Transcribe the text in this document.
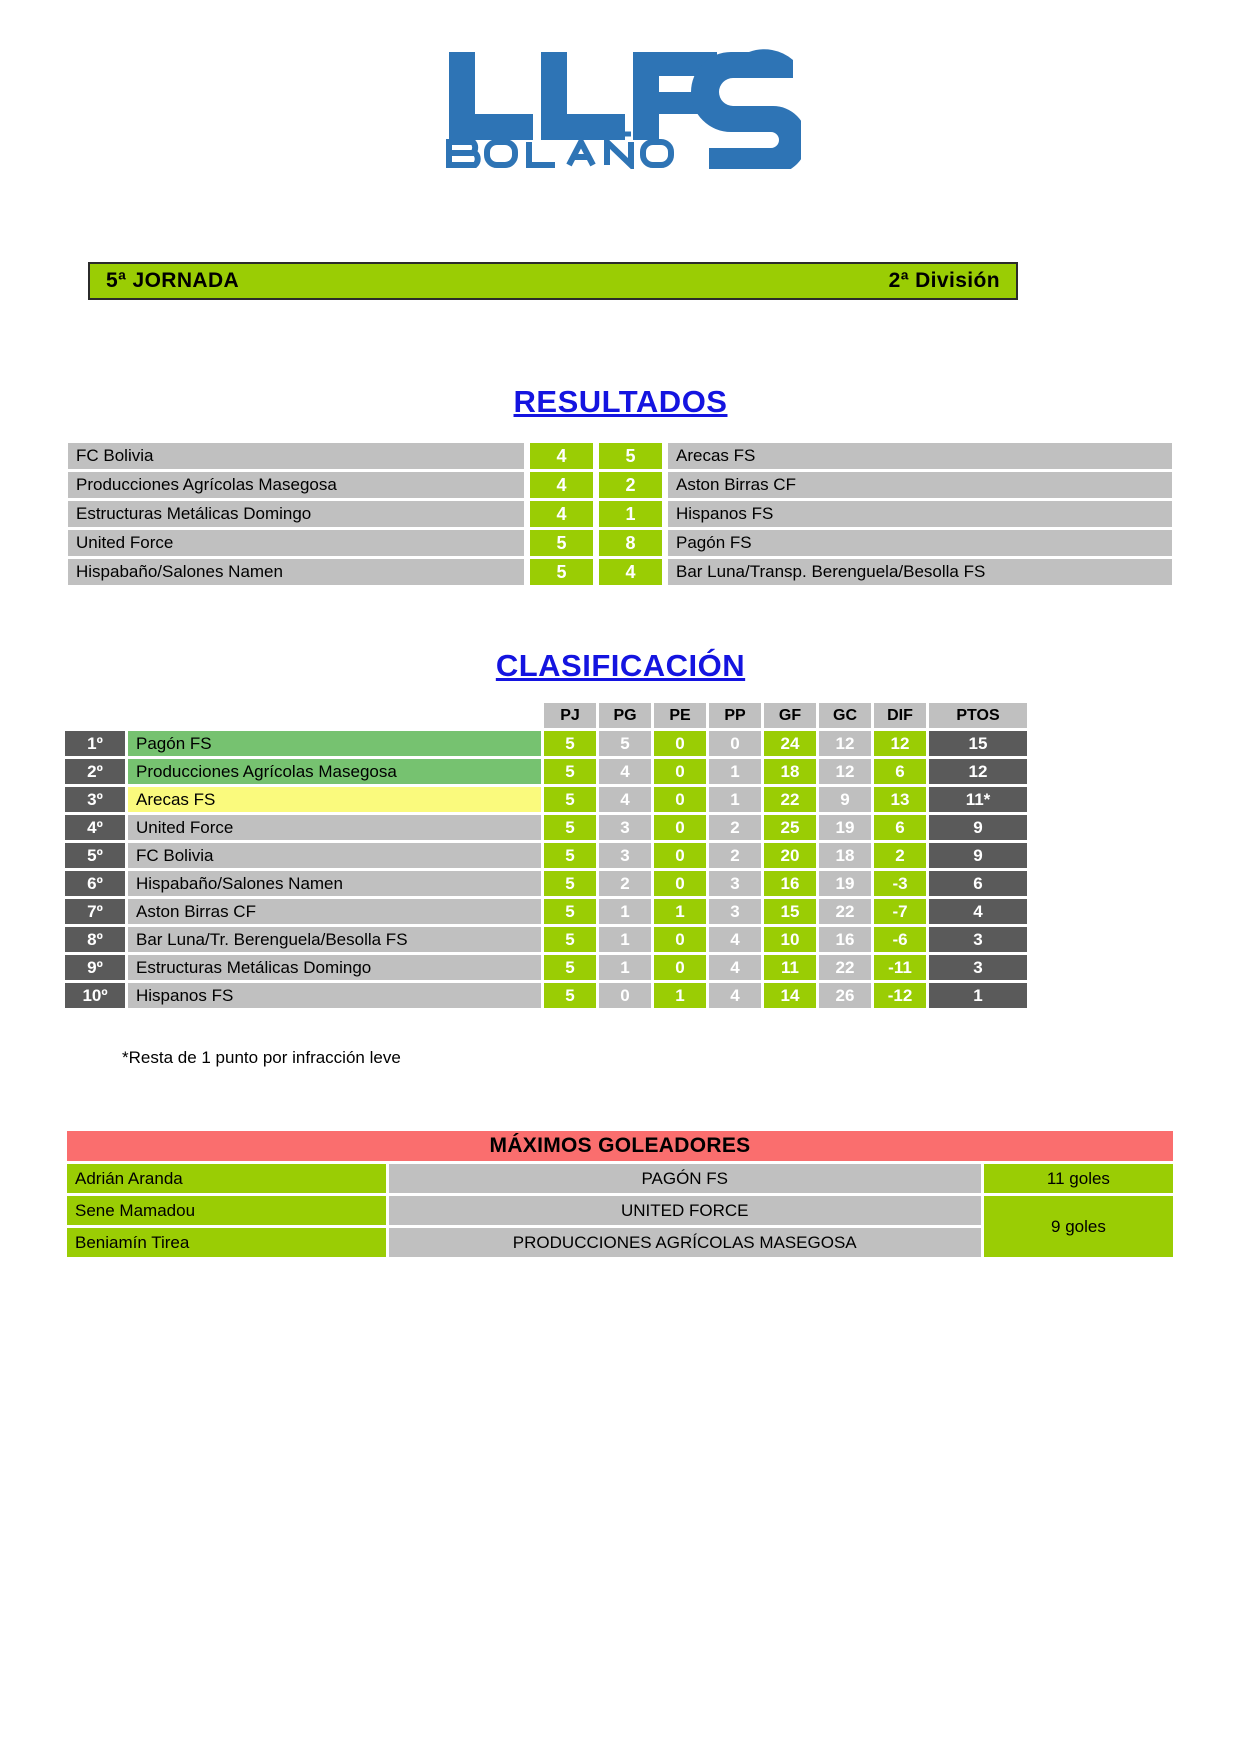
5ª JORNADA	2ª División
RESULTADOS
FC Bolivia		4		5		Arecas FS
Producciones Agrícolas Masegosa		4		2		Aston Birras CF
Estructuras Metálicas Domingo		4		1		Hispanos FS
United Force		5		8		Pagón FS
Hispabaño/Salones Namen		5		4		Bar Luna/Transp. Berenguela/Besolla FS
CLASIFICACIÓN
		PJ	PG	PE	PP	GF	GC	DIF	PTOS
1º	Pagón FS	5	5	0	0	24	12	12	15
2º	Producciones Agrícolas Masegosa	5	4	0	1	18	12	6	12
3º	Arecas FS	5	4	0	1	22	9	13	11*
4º	United Force	5	3	0	2	25	19	6	9
5º	FC Bolivia	5	3	0	2	20	18	2	9
6º	Hispabaño/Salones Namen	5	2	0	3	16	19	-3	6
7º	Aston Birras CF	5	1	1	3	15	22	-7	4
8º	Bar Luna/Tr. Berenguela/Besolla FS	5	1	0	4	10	16	-6	3
9º	Estructuras Metálicas Domingo	5	1	0	4	11	22	-11	3
10º	Hispanos FS	5	0	1	4	14	26	-12	1
*Resta de 1 punto por infracción leve
MÁXIMOS GOLEADORES		
Adrián Aranda	PAGÓN FS	11 goles
Sene Mamadou	UNITED FORCE	9 goles
Beniamín Tirea	PRODUCCIONES AGRÍCOLAS MASEGOSA	
